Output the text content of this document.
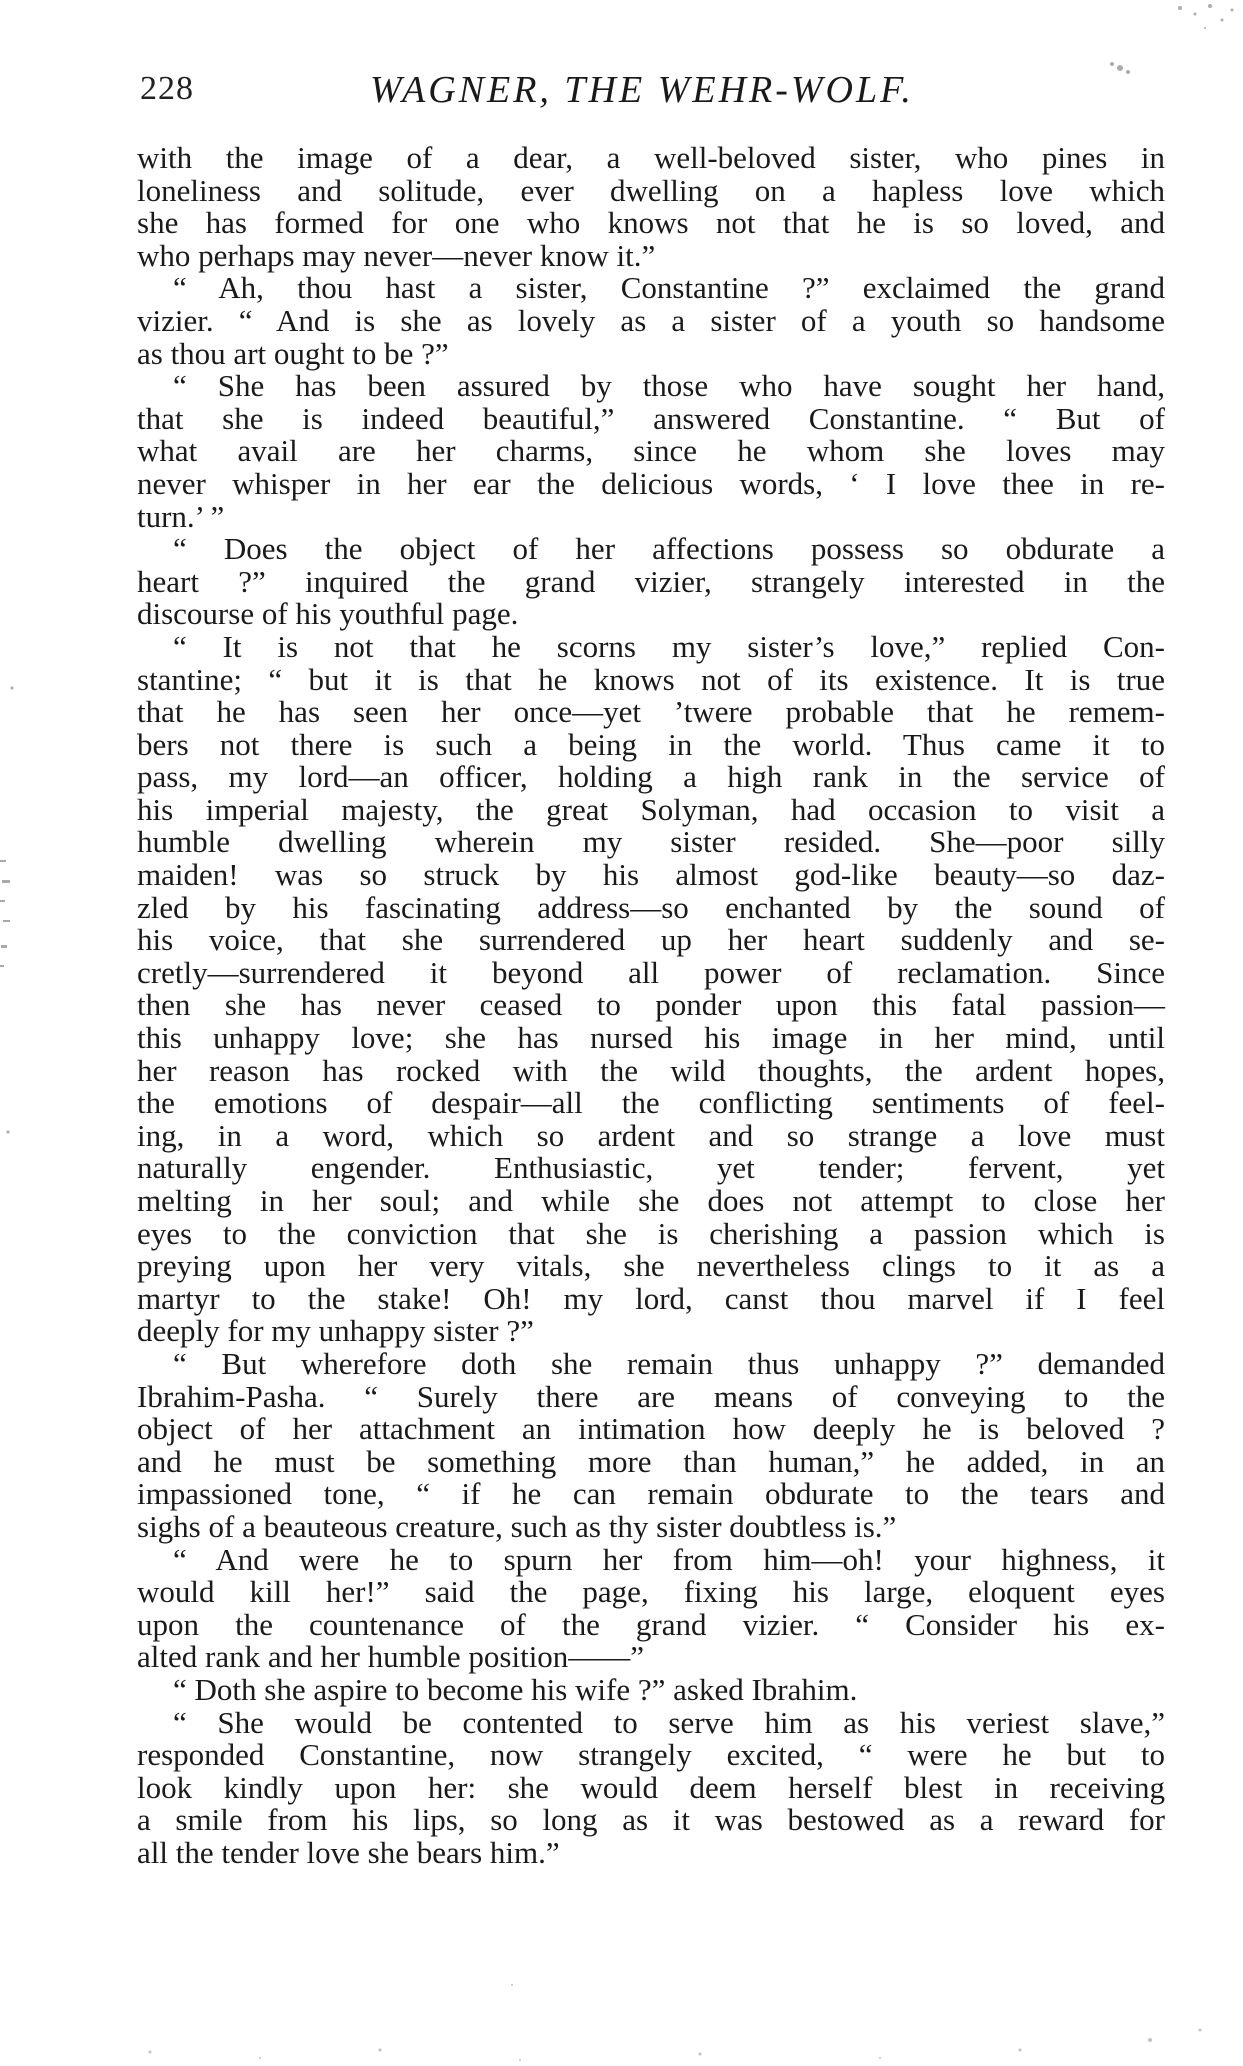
228	WAGNER, THE WEHR-WOLF.
with the image of a dear, a well-beloved sister, who pines in
loneliness and solitude, ever dwelling on a hapless love which
she has formed for one who knows not that he is so loved, and
who perhaps may never—never know it.”
“ Ah, thou hast a sister, Constantine ?” exclaimed the grand
vizier. “ And is she as lovely as a sister of a youth so handsome
as thou art ought to be ?”
“ She has been assured by those who have sought her hand,
that she is indeed beautiful,” answered Constantine. “ But of
what avail are her charms, since he whom she loves may
never whisper in her ear the delicious words, ‘ I love thee in re-
turn.’ ”
“ Does the object of her affections possess so obdurate a
heart ?” inquired the grand vizier, strangely interested in the
discourse of his youthful page.
“ It is not that he scorns my sister’s love,” replied Con-
stantine; “ but it is that he knows not of its existence. It is true
that he has seen her once—yet ’twere probable that he remem-
bers not there is such a being in the world. Thus came it to
pass, my lord—an officer, holding a high rank in the service of
his imperial majesty, the great Solyman, had occasion to visit a
humble dwelling wherein my sister resided. She—poor silly
maiden! was so struck by his almost god-like beauty—so daz-
zled by his fascinating address—so enchanted by the sound of
his voice, that she surrendered up her heart suddenly and se-
cretly—surrendered it beyond all power of reclamation. Since
then she has never ceased to ponder upon this fatal passion—
this unhappy love; she has nursed his image in her mind, until
her reason has rocked with the wild thoughts, the ardent hopes,
the emotions of despair—all the conflicting sentiments of feel-
ing, in a word, which so ardent and so strange a love must
naturally engender. Enthusiastic, yet tender; fervent, yet
melting in her soul; and while she does not attempt to close her
eyes to the conviction that she is cherishing a passion which is
preying upon her very vitals, she nevertheless clings to it as a
martyr to the stake! Oh! my lord, canst thou marvel if I feel
deeply for my unhappy sister ?”
“ But wherefore doth she remain thus unhappy ?” demanded
Ibrahim-Pasha. “ Surely there are means of conveying to the
object of her attachment an intimation how deeply he is beloved ?
and he must be something more than human,” he added, in an
impassioned tone, “ if he can remain obdurate to the tears and
sighs of a beauteous creature, such as thy sister doubtless is.”
“ And were he to spurn her from him—oh! your highness, it
would kill her!” said the page, fixing his large, eloquent eyes
upon the countenance of the grand vizier. “ Consider his ex-
alted rank and her humble position——”
“ Doth she aspire to become his wife ?” asked Ibrahim.
“ She would be contented to serve him as his veriest slave,”
responded Constantine, now strangely excited, “ were he but to
look kindly upon her: she would deem herself blest in receiving
a smile from his lips, so long as it was bestowed as a reward for
all the tender love she bears him.”
